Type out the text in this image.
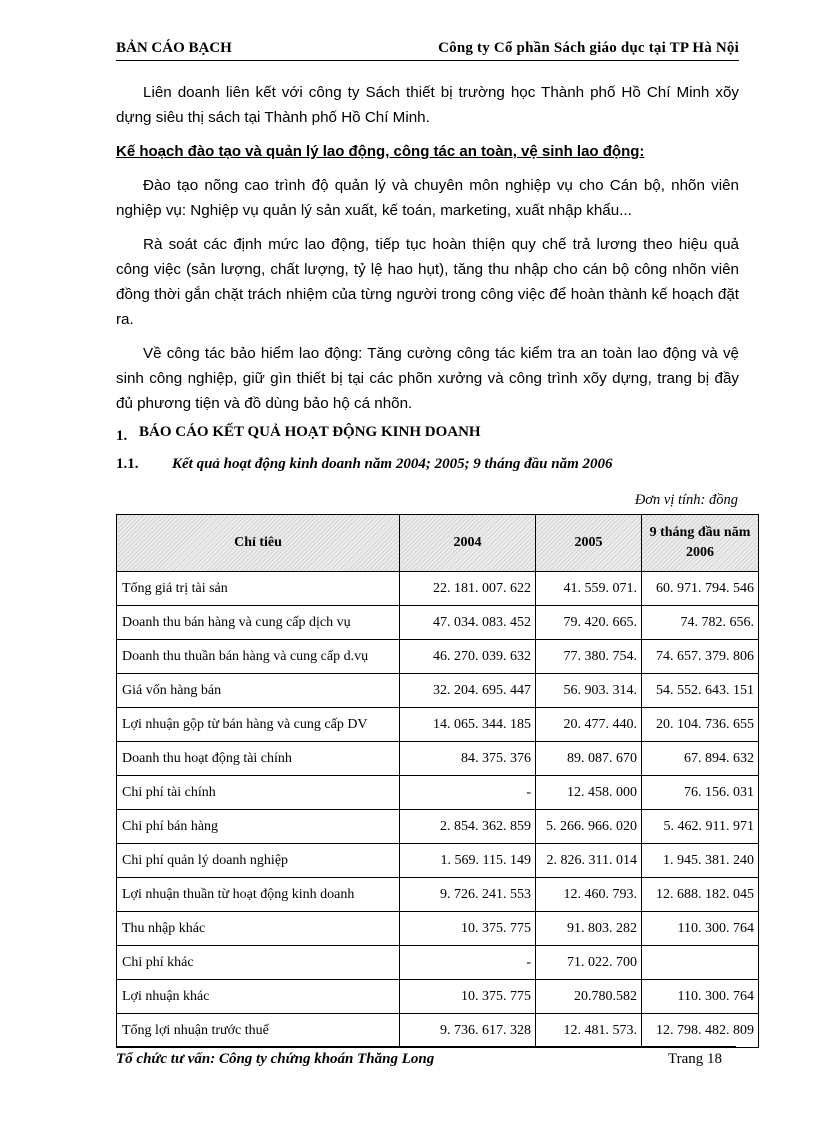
BẢN CÁO BẠCH	Công ty Cổ phần Sách giáo dục tại TP Hà Nội

Liên doanh liên kết với công ty Sách thiết bị trường học Thành phố Hồ Chí Minh xõy dựng siêu thị sách tại Thành phố Hồ Chí Minh.

Kế hoạch đào tạo và quản lý lao động, công tác an toàn, vệ sinh lao động:

Đào tạo nõng cao trình độ quản lý và chuyên môn nghiệp vụ cho Cán bộ, nhõn viên nghiệp vụ: Nghiệp vụ quản lý sản xuất, kế toán, marketing, xuất nhập khẩu...

Rà soát các định mức lao động, tiếp tục hoàn thiện quy chế trả lương theo hiệu quả công việc (sản lượng, chất lượng, tỷ lệ hao hụt), tăng thu nhập cho cán bộ công nhõn viên đồng thời gắn chặt trách nhiệm của từng người trong công việc để hoàn thành kế hoạch đặt ra.

Về công tác bảo hiểm lao động: Tăng cường công tác kiểm tra an toàn lao động và vệ sinh công nghiệp, giữ gìn thiết bị tại các phõn xưởng và công trình xõy dựng, trang bị đầy đủ phương tiện và đồ dùng bảo hộ cá nhõn.

1. BÁO CÁO KẾT QUẢ HOẠT ĐỘNG KINH DOANH
1.1. Kết quả hoạt động kinh doanh năm 2004; 2005; 9 tháng đầu năm 2006
Đơn vị tính: đồng
Chỉ tiêu	2004	2005	9 tháng đầu năm 2006
Tổng giá trị tài sản	22. 181. 007. 622	41. 559. 071.	60. 971. 794. 546
Doanh thu bán hàng và cung cấp dịch vụ	47. 034. 083. 452	79. 420. 665.	74. 782. 656.
Doanh thu thuần bán hàng và cung cấp d.vụ	46. 270. 039. 632	77. 380. 754.	74. 657. 379. 806
Giá vốn hàng bán	32. 204. 695. 447	56. 903. 314.	54. 552. 643. 151
Lợi nhuận gộp từ bán hàng và cung cấp DV	14. 065. 344. 185	20. 477. 440.	20. 104. 736. 655
Doanh thu hoạt động tài chính	84. 375. 376	89. 087. 670	67. 894. 632
Chi phí tài chính	-	12. 458. 000	76. 156. 031
Chi phí bán hàng	2. 854. 362. 859	5. 266. 966. 020	5. 462. 911. 971
Chi phí quản lý doanh nghiệp	1. 569. 115. 149	2. 826. 311. 014	1. 945. 381. 240
Lợi nhuận thuần từ hoạt động kinh doanh	9. 726. 241. 553	12. 460. 793.	12. 688. 182. 045
Thu nhập khác	10. 375. 775	91. 803. 282	110. 300. 764
Chi phí khác	-	71. 022. 700	
Lợi nhuận khác	10. 375. 775	20.780.582	110. 300. 764
Tổng lợi nhuận trước thuế	9. 736. 617. 328	12. 481. 573.	12. 798. 482. 809
Tổ chức tư vấn: Công ty chứng khoán Thăng Long	Trang 18
